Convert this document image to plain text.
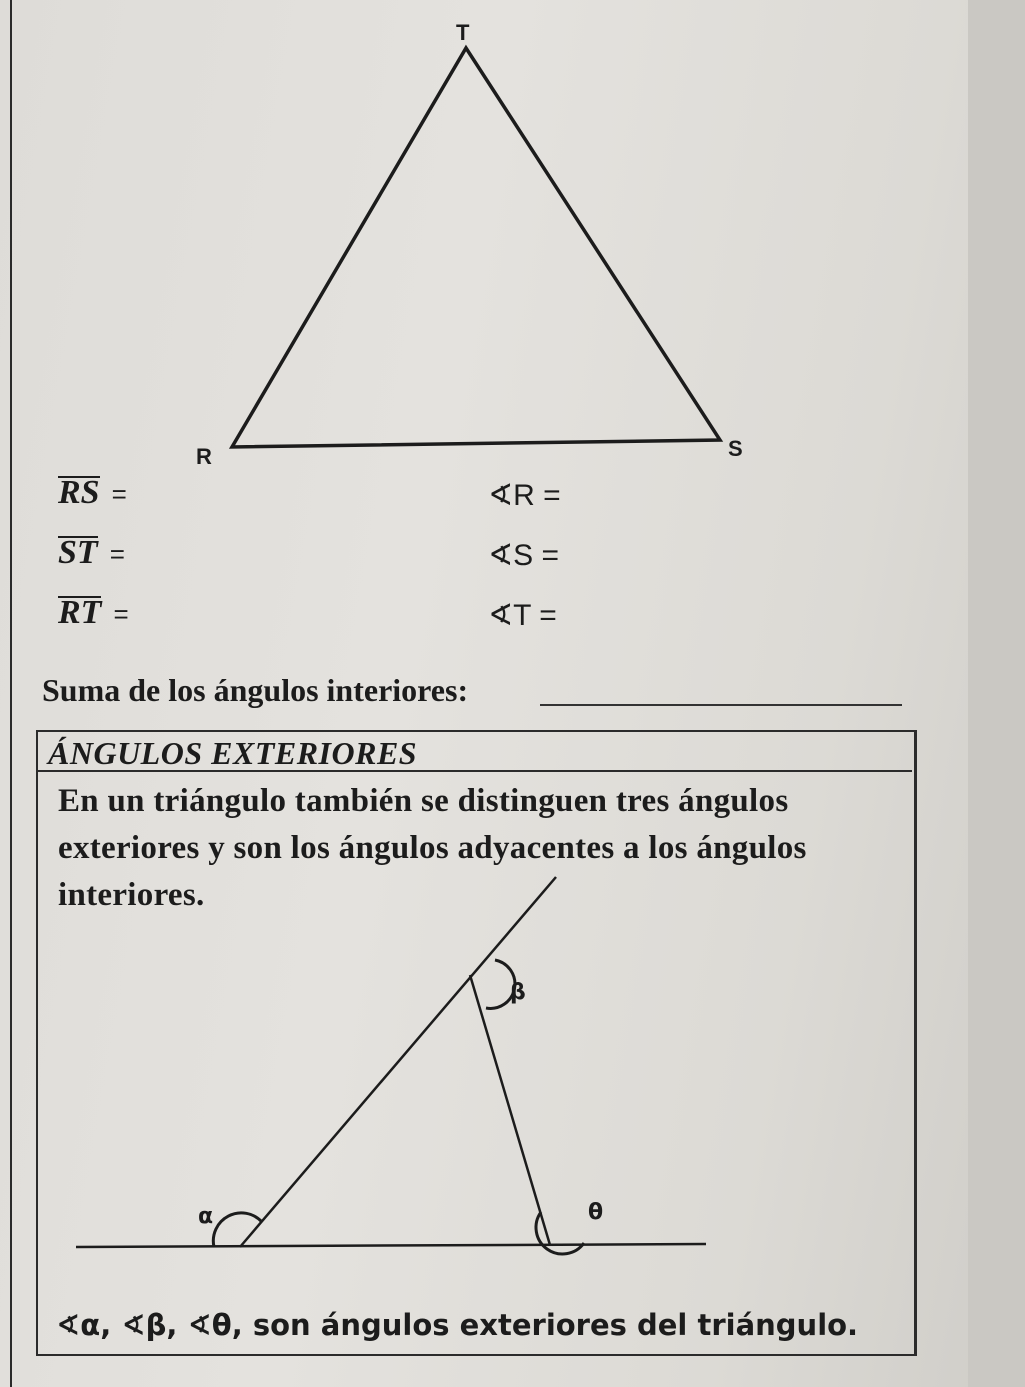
T
R	S
RS =
ST =
RT =
∢R =
∢S =
∢T =
Suma de los ángulos interiores:
ÁNGULOS EXTERIORES
En un triángulo también se distinguen tres ángulos exteriores y son los ángulos adyacentes a los ángulos interiores.
β
α	θ
∢α, ∢β, ∢θ, son ángulos exteriores del triángulo.
